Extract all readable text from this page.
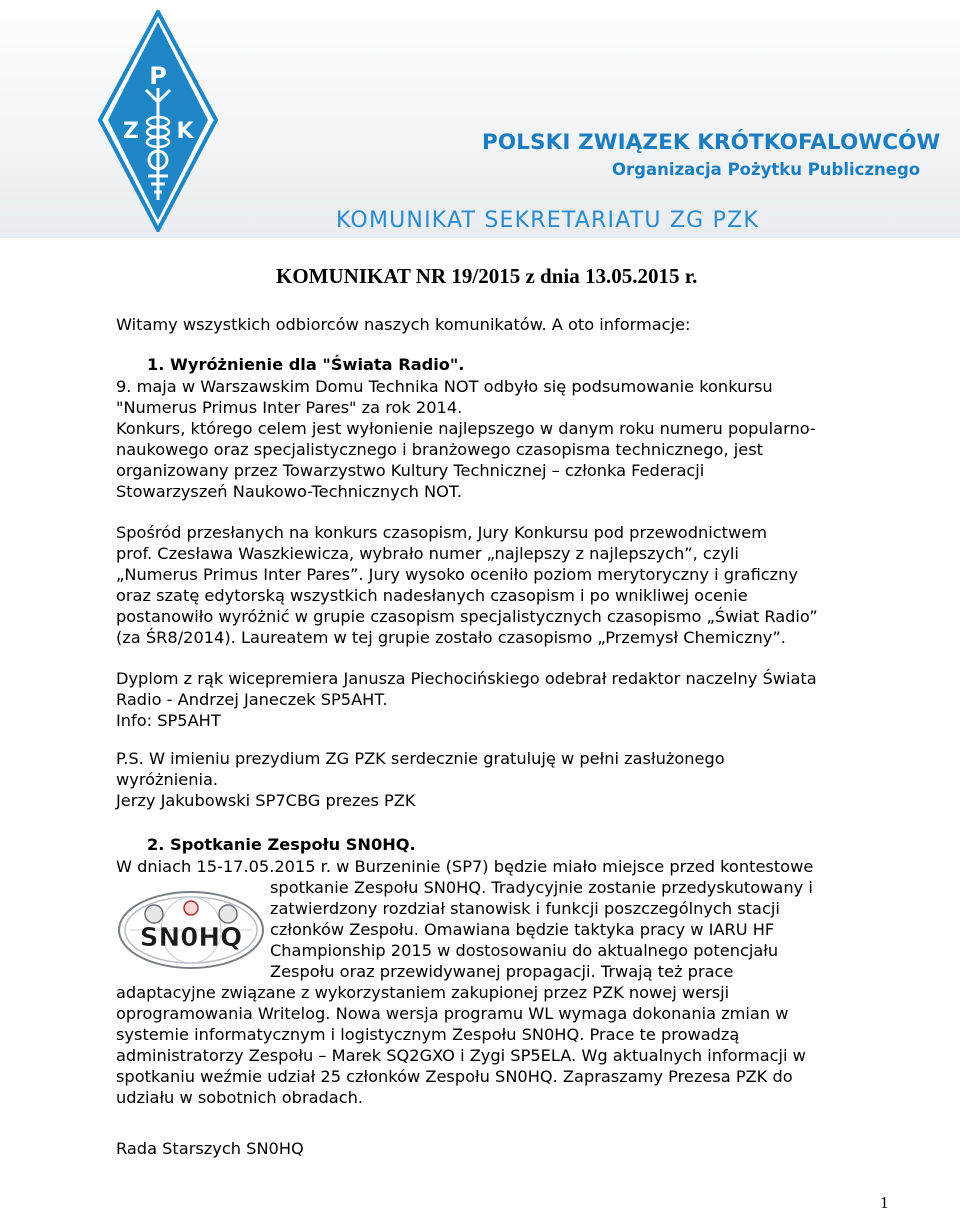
P
Z K	POLSKI ZWIĄZEK KRÓTKOFALOWCÓW

Organizacja Pożytku Publicznego

KOMUNIKAT SEKRETARIATU ZG PZK

KOMUNIKAT NR 19/2015 z dnia 13.05.2015 r.

Witamy wszystkich odbiorców naszych komunikatów. A oto informacje:

1. Wyróżnienie dla "Świata Radio".
9. maja w Warszawskim Domu Technika NOT odbyło się podsumowanie konkursu
"Numerus Primus Inter Pares" za rok 2014.
Konkurs, którego celem jest wyłonienie najlepszego w danym roku numeru popularno-
naukowego oraz specjalistycznego i branżowego czasopisma technicznego, jest
organizowany przez Towarzystwo Kultury Technicznej – członka Federacji
Stowarzyszeń Naukowo-Technicznych NOT.
Spośród przesłanych na konkurs czasopism, Jury Konkursu pod przewodnictwem
prof. Czesława Waszkiewicza, wybrało numer „najlepszy z najlepszych”, czyli
„Numerus Primus Inter Pares”. Jury wysoko oceniło poziom merytoryczny i graficzny
oraz szatę edytorską wszystkich nadesłanych czasopism i po wnikliwej ocenie
postanowiło wyróżnić w grupie czasopism specjalistycznych czasopismo „Świat Radio”
(za ŚR8/2014). Laureatem w tej grupie zostało czasopismo „Przemysł Chemiczny”.
Dyplom z rąk wicepremiera Janusza Piechocińskiego odebrał redaktor naczelny Świata
Radio - Andrzej Janeczek SP5AHT.
Info: SP5AHT
P.S. W imieniu prezydium ZG PZK serdecznie gratuluję w pełni zasłużonego
wyróżnienia.
Jerzy Jakubowski SP7CBG prezes PZK
2. Spotkanie Zespołu SN0HQ.
SN0HQ
W dniach 15-17.05.2015 r. w Burzeninie (SP7) będzie miało miejsce przed kontestowe
spotkanie Zespołu SN0HQ. Tradycyjnie zostanie przedyskutowany i
zatwierdzony rozdział stanowisk i funkcji poszczególnych stacji
członków Zespołu. Omawiana będzie taktyka pracy w IARU HF
Championship 2015 w dostosowaniu do aktualnego potencjału
Zespołu oraz przewidywanej propagacji. Trwają też prace
adaptacyjne związane z wykorzystaniem zakupionej przez PZK nowej wersji
oprogramowania Writelog. Nowa wersja programu WL wymaga dokonania zmian w
systemie informatycznym i logistycznym Zespołu SN0HQ. Prace te prowadzą
administratorzy Zespołu – Marek SQ2GXO i Zygi SP5ELA. Wg aktualnych informacji w
spotkaniu weźmie udział 25 członków Zespołu SN0HQ. Zapraszamy Prezesa PZK do
udziału w sobotnich obradach.

Rada Starszych SN0HQ

1
